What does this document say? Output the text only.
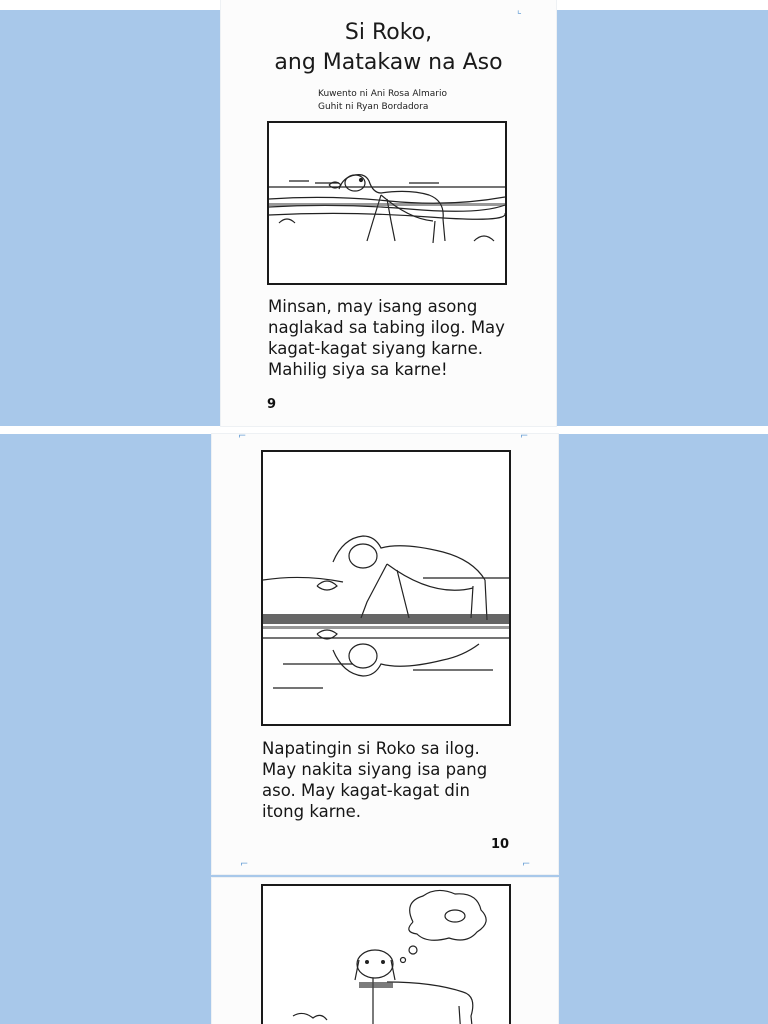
⌞
Si Roko,
ang Matakaw na Aso
Kuwento ni Ani Rosa Almario
Guhit ni Ryan Bordadora
Minsan, may isang asong
naglakad sa tabing ilog. May
kagat-kagat siyang karne.
Mahilig siya sa karne!
9
⌐	⌐
Napatingin si Roko sa ilog.
May nakita siyang isa pang
aso. May kagat-kagat din
itong karne.
10
⌐	⌐
